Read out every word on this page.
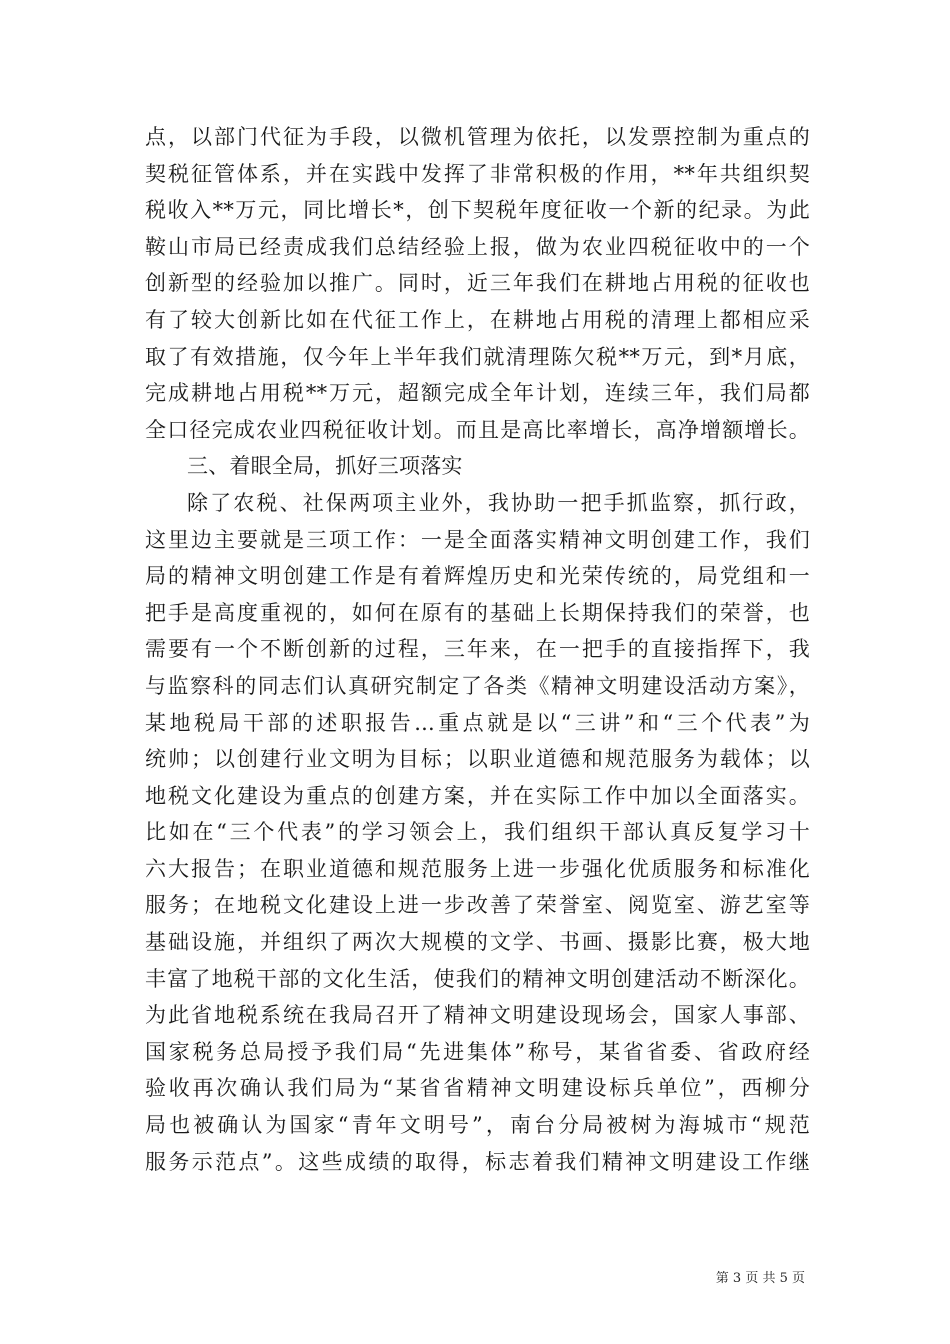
点，以部门代征为手段，以微机管理为依托，以发票控制为重点的
契税征管体系，并在实践中发挥了非常积极的作用，**年共组织契
税收入**万元，同比增长*，创下契税年度征收一个新的纪录。为此
鞍山市局已经责成我们总结经验上报，做为农业四税征收中的一个
创新型的经验加以推广。同时，近三年我们在耕地占用税的征收也
有了较大创新比如在代征工作上，在耕地占用税的清理上都相应采
取了有效措施，仅今年上半年我们就清理陈欠税**万元，到*月底，
完成耕地占用税**万元，超额完成全年计划，连续三年，我们局都
全口径完成农业四税征收计划。而且是高比率增长，高净增额增长。
三、着眼全局，抓好三项落实
除了农税、社保两项主业外，我协助一把手抓监察，抓行政，
这里边主要就是三项工作：一是全面落实精神文明创建工作，我们
局的精神文明创建工作是有着辉煌历史和光荣传统的，局党组和一
把手是高度重视的，如何在原有的基础上长期保持我们的荣誉，也
需要有一个不断创新的过程，三年来，在一把手的直接指挥下，我
与监察科的同志们认真研究制定了各类《精神文明建设活动方案》，
某地税局干部的述职报告...重点就是以“三讲”和“三个代表”为
统帅；以创建行业文明为目标；以职业道德和规范服务为载体；以
地税文化建设为重点的创建方案，并在实际工作中加以全面落实。
比如在“三个代表”的学习领会上，我们组织干部认真反复学习十
六大报告；在职业道德和规范服务上进一步强化优质服务和标准化
服务；在地税文化建设上进一步改善了荣誉室、阅览室、游艺室等
基础设施，并组织了两次大规模的文学、书画、摄影比赛，极大地
丰富了地税干部的文化生活，使我们的精神文明创建活动不断深化。
为此省地税系统在我局召开了精神文明建设现场会，国家人事部、
国家税务总局授予我们局“先进集体”称号，某省省委、省政府经
验收再次确认我们局为“某省省精神文明建设标兵单位”，西柳分
局也被确认为国家“青年文明号”，南台分局被树为海城市“规范
服务示范点”。这些成绩的取得，标志着我们精神文明建设工作继
第 3 页 共 5 页
